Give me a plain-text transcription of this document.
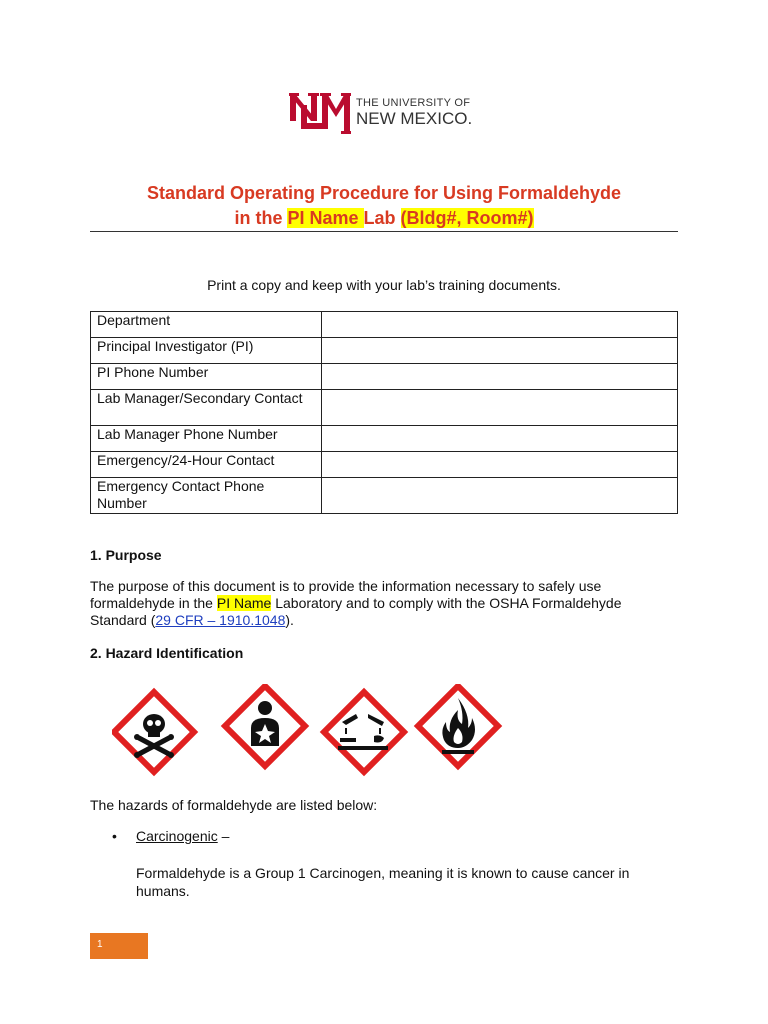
THE UNIVERSITY OF
NEW MEXICO.
Standard Operating Procedure for Using Formaldehyde
in the PI Name Lab (Bldg#, Room#)
Print a copy and keep with your lab’s training documents.
Department	
Principal Investigator (PI)	
PI Phone Number	
Lab Manager/Secondary Contact	
Lab Manager Phone Number	
Emergency/24-Hour Contact	
Emergency Contact Phone Number	
1. Purpose
The purpose of this document is to provide the information necessary to safely use formaldehyde in the PI Name Laboratory and to comply with the OSHA Formaldehyde Standard (29 CFR – 1910.1048).
2. Hazard Identification
The hazards of formaldehyde are listed below:
• Carcinogenic –
Formaldehyde is a Group 1 Carcinogen, meaning it is known to cause cancer in humans.
1
